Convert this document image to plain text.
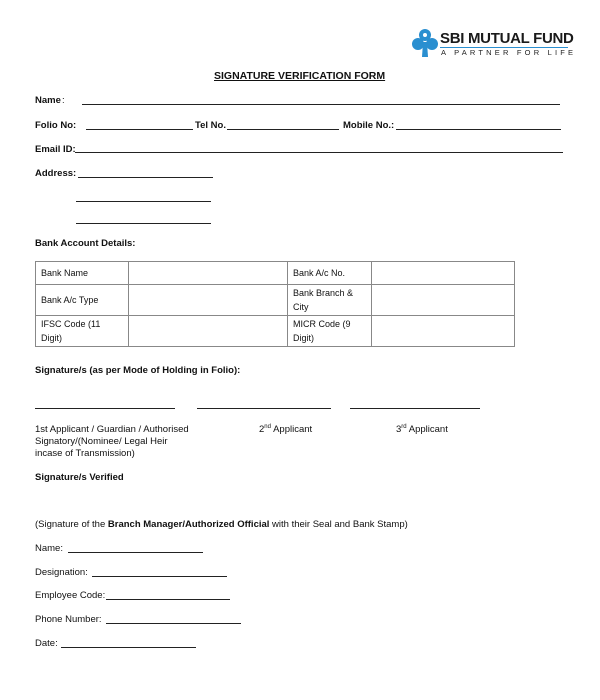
SBI MUTUAL FUND
A PARTNER FOR LIFE
SIGNATURE VERIFICATION FORM
Name :
Folio No:	Tel No.	Mobile No.:
Email ID:
Address:
Bank Account Details:
Bank Name		Bank A/c No.	
Bank A/c Type		Bank Branch & City	
IFSC Code (11 Digit)		MICR Code (9 Digit)	
Signature/s (as per Mode of Holding in Folio):
1st Applicant / Guardian / Authorised Signatory/(Nominee/ Legal Heir incase of Transmission)
2nd Applicant	3rd Applicant
Signature/s Verified
(Signature of the Branch Manager/Authorized Official with their Seal and Bank Stamp)
Name:
Designation:
Employee Code:
Phone Number:
Date:
